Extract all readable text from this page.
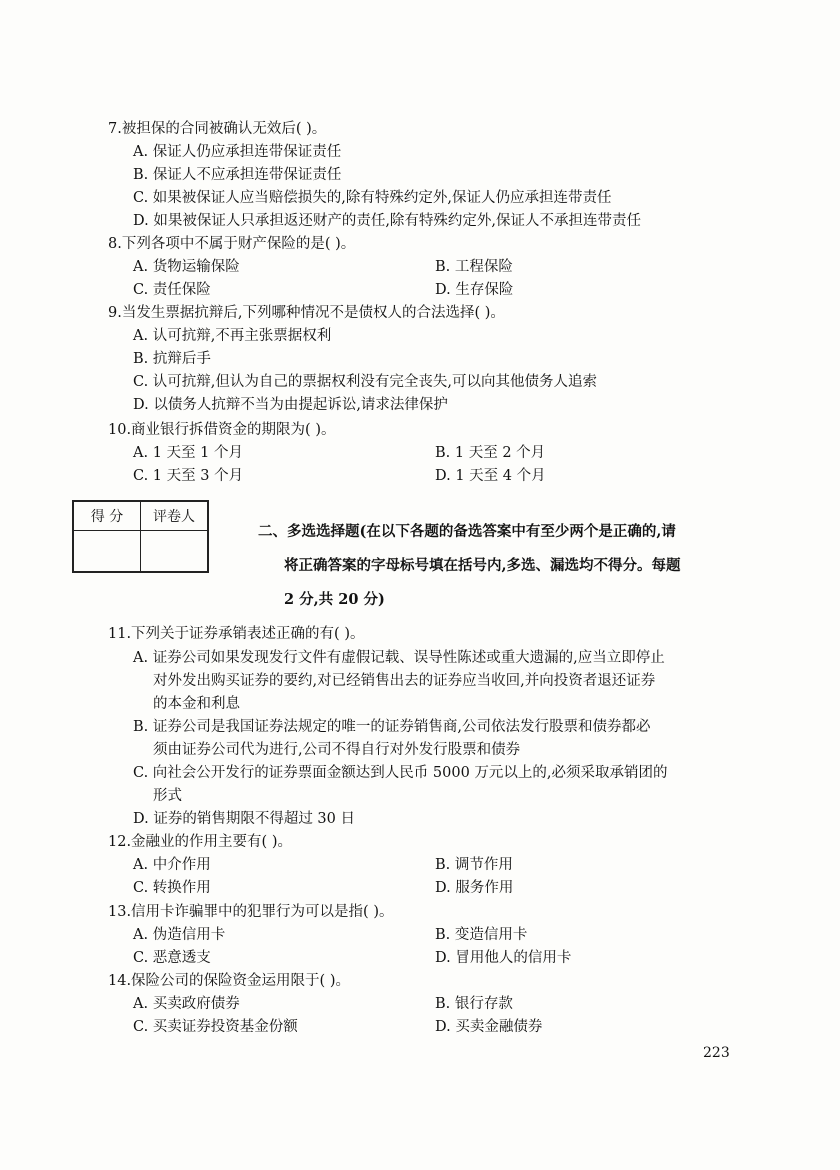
7.被担保的合同被确认无效后( )。
A. 保证人仍应承担连带保证责任
B. 保证人不应承担连带保证责任
C. 如果被保证人应当赔偿损失的,除有特殊约定外,保证人仍应承担连带责任
D. 如果被保证人只承担返还财产的责任,除有特殊约定外,保证人不承担连带责任
8.下列各项中不属于财产保险的是( )。
A. 货物运输保险	B. 工程保险
C. 责任保险	D. 生存保险
9.当发生票据抗辩后,下列哪种情况不是债权人的合法选择( )。
A. 认可抗辩,不再主张票据权利
B. 抗辩后手
C. 认可抗辩,但认为自己的票据权利没有完全丧失,可以向其他债务人追索
D. 以债务人抗辩不当为由提起诉讼,请求法律保护
10.商业银行拆借资金的期限为( )。
A. 1 天至 1 个月	B. 1 天至 2 个月
C. 1 天至 3 个月	D. 1 天至 4 个月
得 分	评卷人

二、多选选择题(在以下各题的备选答案中有至少两个是正确的,请
将正确答案的字母标号填在括号内,多选、漏选均不得分。每题
2 分,共 20 分)
11.下列关于证券承销表述正确的有( )。
A. 证券公司如果发现发行文件有虚假记载、误导性陈述或重大遗漏的,应当立即停止
对外发出购买证券的要约,对已经销售出去的证券应当收回,并向投资者退还证券
的本金和利息
B. 证券公司是我国证券法规定的唯一的证券销售商,公司依法发行股票和债券都必
须由证券公司代为进行,公司不得自行对外发行股票和债券
C. 向社会公开发行的证券票面金额达到人民币 5000 万元以上的,必须采取承销团的
形式
D. 证券的销售期限不得超过 30 日
12.金融业的作用主要有( )。
A. 中介作用	B. 调节作用
C. 转换作用	D. 服务作用
13.信用卡诈骗罪中的犯罪行为可以是指( )。
A. 伪造信用卡	B. 变造信用卡
C. 恶意透支	D. 冒用他人的信用卡
14.保险公司的保险资金运用限于( )。
A. 买卖政府债券	B. 银行存款
C. 买卖证券投资基金份额	D. 买卖金融债券
223
